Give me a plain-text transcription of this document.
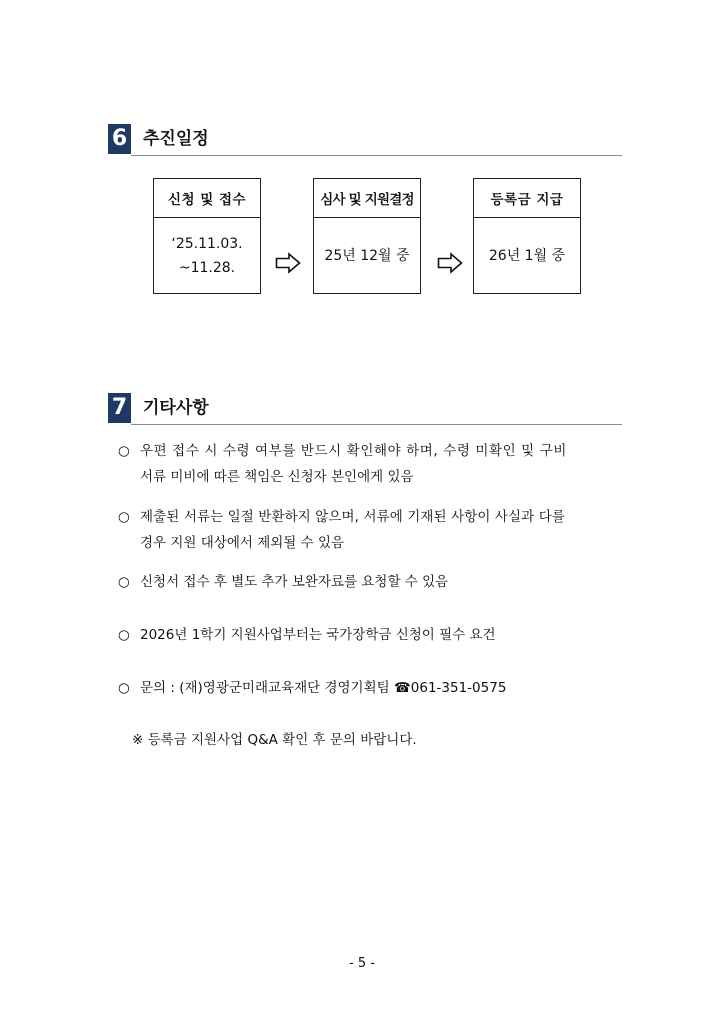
6 추진일정
신청 및 접수
‘25.11.03.
~11.28.
심사 및 지원결정
25년 12월 중
등록금 지급
26년 1월 중
7 기타사항
○ 우편 접수 시 수령 여부를 반드시 확인해야 하며, 수령 미확인 및 구비
서류 미비에 따른 책임은 신청자 본인에게 있음
○ 제출된 서류는 일절 반환하지 않으며, 서류에 기재된 사항이 사실과 다를
경우 지원 대상에서 제외될 수 있음
○ 신청서 접수 후 별도 추가 보완자료를 요청할 수 있음
○ 2026년 1학기 지원사업부터는 국가장학금 신청이 필수 요건
○ 문의 : (재)영광군미래교육재단 경영기획팀 ☎061-351-0575
※ 등록금 지원사업 Q&A 확인 후 문의 바랍니다.
- 5 -
